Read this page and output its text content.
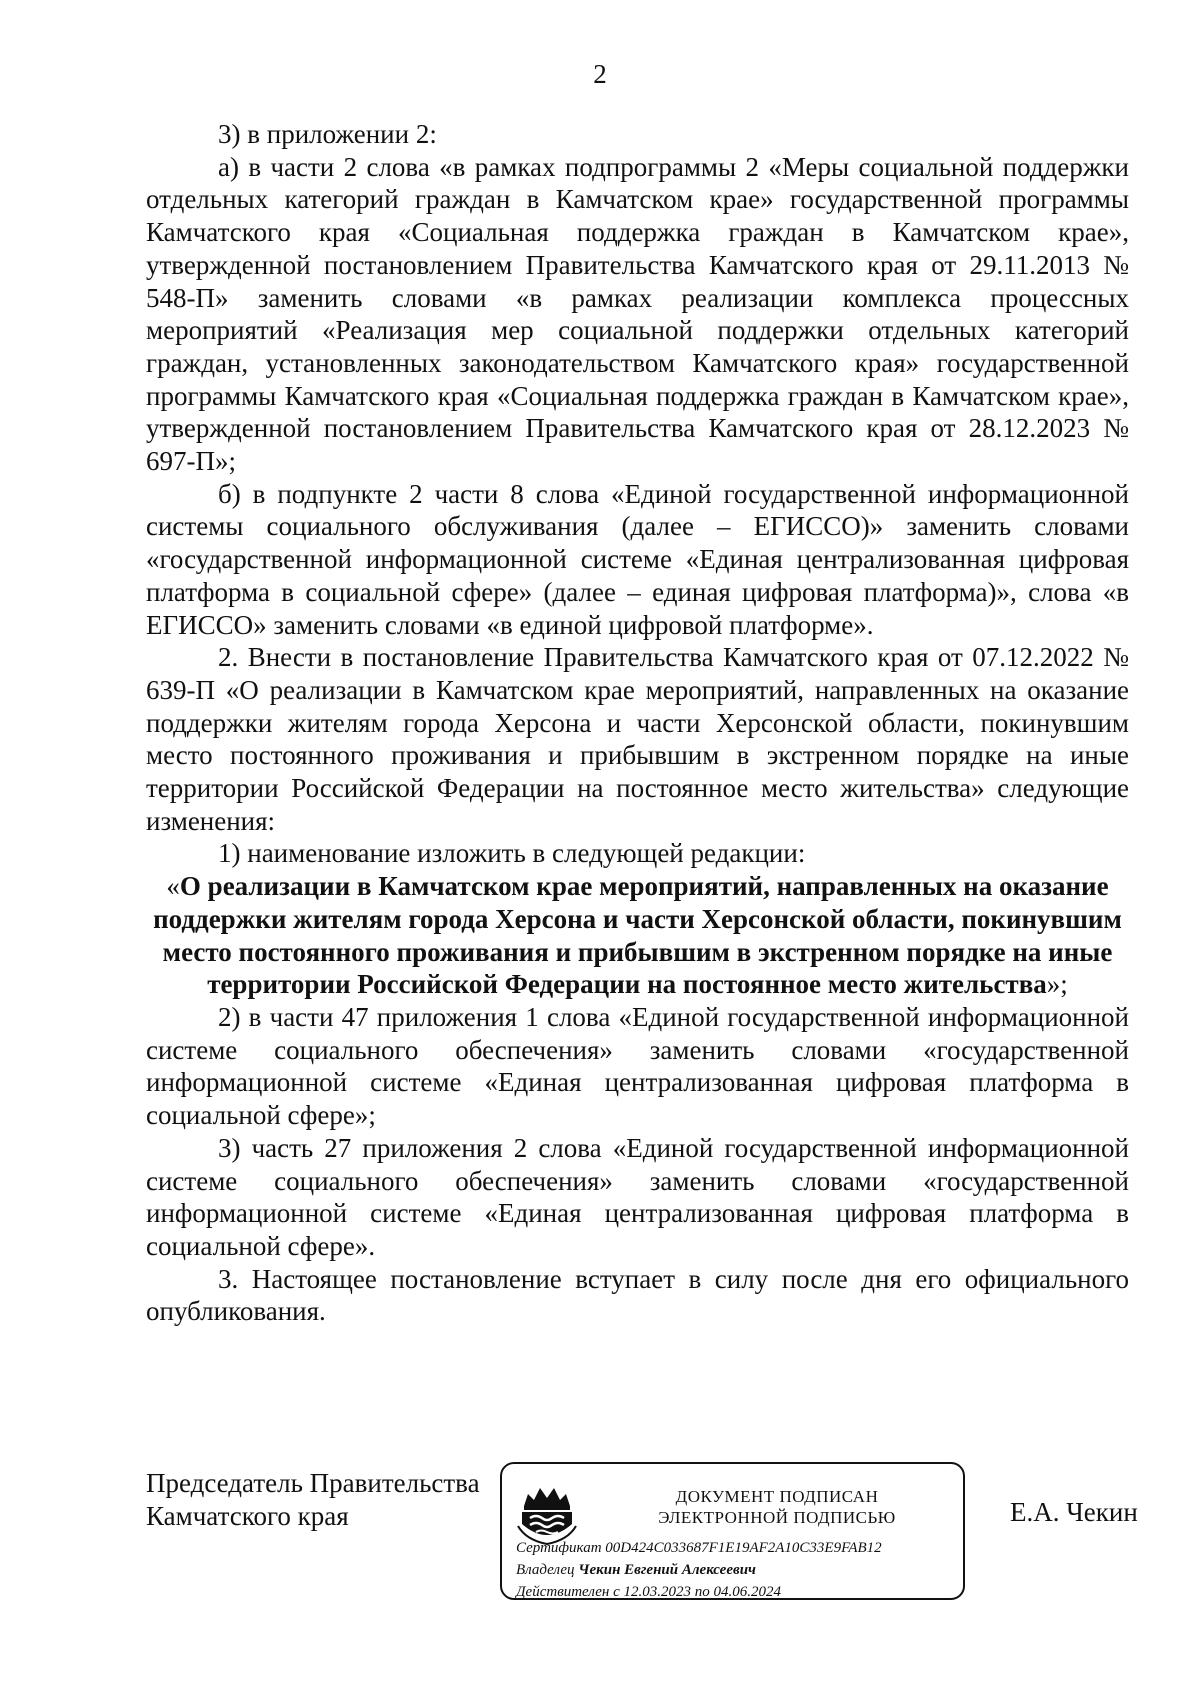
2

3) в приложении 2:

а) в части 2 слова «в рамках подпрограммы 2 «Меры социальной поддержки отдельных категорий граждан в Камчатском крае» государственной программы Камчатского края «Социальная поддержка граждан в Камчатском крае», утвержденной постановлением Правительства Камчатского края от 29.11.2013 № 548-П» заменить словами «в рамках реализации комплекса процессных мероприятий «Реализация мер социальной поддержки отдельных категорий граждан, установленных законодательством Камчатского края» государственной программы Камчатского края «Социальная поддержка граждан в Камчатском крае», утвержденной постановлением Правительства Камчатского края от 28.12.2023 № 697-П»;

б) в подпункте 2 части 8 слова «Единой государственной информационной системы социального обслуживания (далее – ЕГИССО)» заменить словами «государственной информационной системе «Единая централизованная цифровая платформа в социальной сфере» (далее – единая цифровая платформа)», слова «в ЕГИССО» заменить словами «в единой цифровой платформе».

2. Внести в постановление Правительства Камчатского края от 07.12.2022 № 639-П «О реализации в Камчатском крае мероприятий, направленных на оказание поддержки жителям города Херсона и части Херсонской области, покинувшим место постоянного проживания и прибывшим в экстренном порядке на иные территории Российской Федерации на постоянное место жительства» следующие изменения:

1) наименование изложить в следующей редакции:

«О реализации в Камчатском крае мероприятий, направленных на оказание поддержки жителям города Херсона и части Херсонской области, покинувшим место постоянного проживания и прибывшим в экстренном порядке на иные территории Российской Федерации на постоянное место жительства»;

2) в части 47 приложения 1 слова «Единой государственной информационной системе социального обеспечения» заменить словами «государственной информационной системе «Единая централизованная цифровая платформа в социальной сфере»;

3) часть 27 приложения 2 слова «Единой государственной информационной системе социального обеспечения» заменить словами «государственной информационной системе «Единая централизованная цифровая платформа в социальной сфере».

3. Настоящее постановление вступает в силу после дня его официального опубликования.

Председатель Правительства
Камчатского края
ДОКУМЕНТ ПОДПИСАН
ЭЛЕКТРОННОЙ ПОДПИСЬЮ
Сертификат 00D424C033687F1E19AF2A10C33E9FAB12
Владелец Чекин Евгений Алексеевич
Действителен с 12.03.2023 по 04.06.2024
Е.А. Чекин
